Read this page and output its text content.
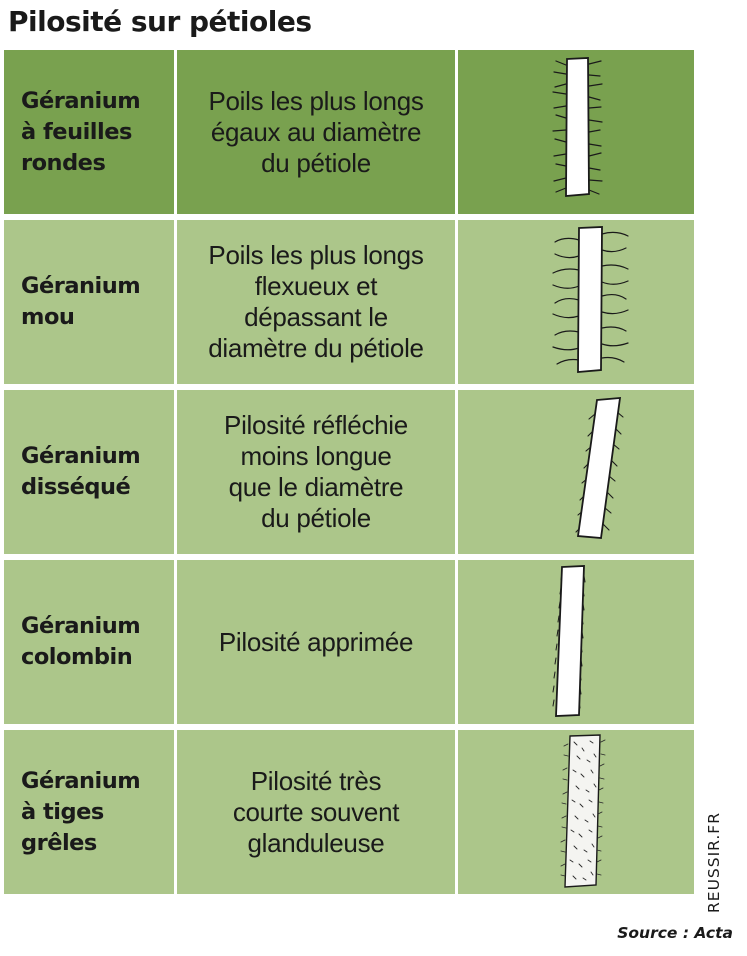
Pilosité sur pétioles
Géranium
à feuilles
rondes
Poils les plus longs
égaux au diamètre
du pétiole
Géranium
mou
Poils les plus longs
flexueux et
dépassant le
diamètre du pétiole
Géranium
disséqué
Pilosité réfléchie
moins longue
que le diamètre
du pétiole
Géranium
colombin
Pilosité apprimée
Géranium
à tiges
grêles
Pilosité très
courte souvent
glanduleuse	REUSSIR.FR

Source : Acta
